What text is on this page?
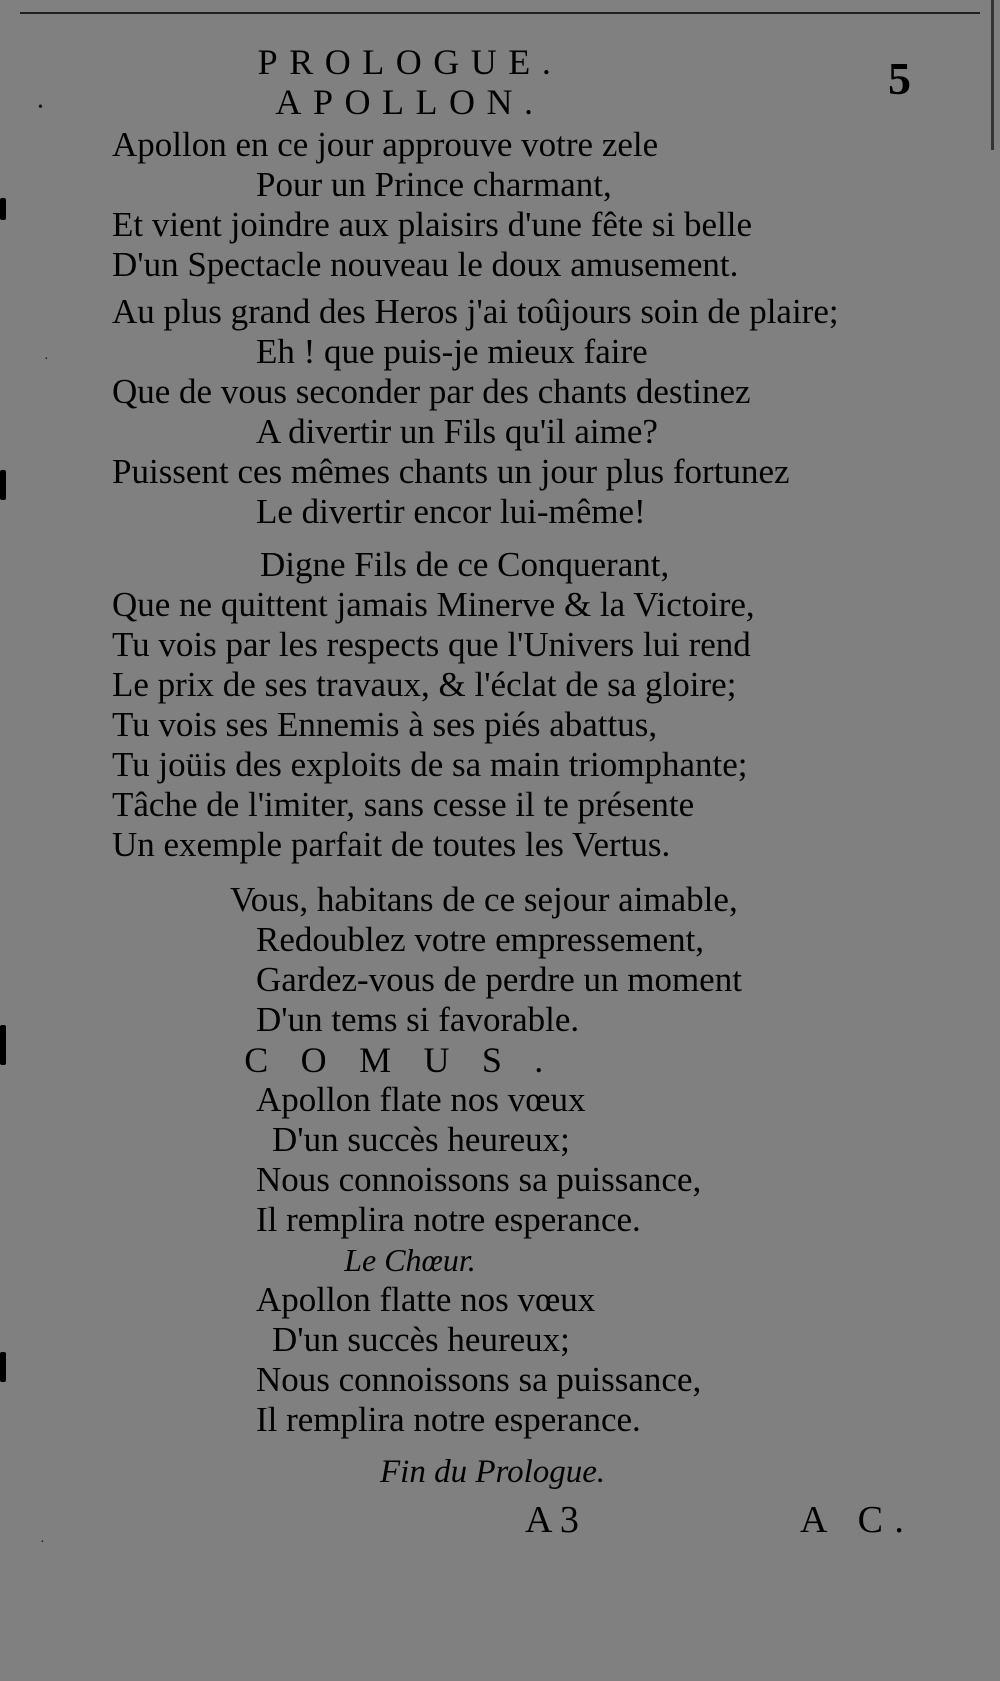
•
·
·
PROLOGUE.	5
APOLLON.
Apollon en ce jour approuve votre zele
Pour un Prince charmant,
Et vient joindre aux plaisirs d'une fête si belle
D'un Spectacle nouveau le doux amusement.
Au plus grand des Heros j'ai toûjours soin de plaire;
Eh ! que puis-je mieux faire
Que de vous seconder par des chants destinez
A divertir un Fils qu'il aime?
Puissent ces mêmes chants un jour plus fortunez
Le divertir encor lui-même!
Digne Fils de ce Conquerant,
Que ne quittent jamais Minerve & la Victoire,
Tu vois par les respects que l'Univers lui rend
Le prix de ses travaux, & l'éclat de sa gloire;
Tu vois ses Ennemis à ses piés abattus,
Tu joüis des exploits de sa main triomphante;
Tâche de l'imiter, sans cesse il te présente
Un exemple parfait de toutes les Vertus.
Vous, habitans de ce sejour aimable,
Redoublez votre empressement,
Gardez-vous de perdre un moment
D'un tems si favorable.
COMUS.
Apollon flate nos vœux
D'un succès heureux;
Nous connoissons sa puissance,
Il remplira notre esperance.
Le Chœur.
Apollon flatte nos vœux
D'un succès heureux;
Nous connoissons sa puissance,
Il remplira notre esperance.
Fin du Prologue.
A 3	A C.
